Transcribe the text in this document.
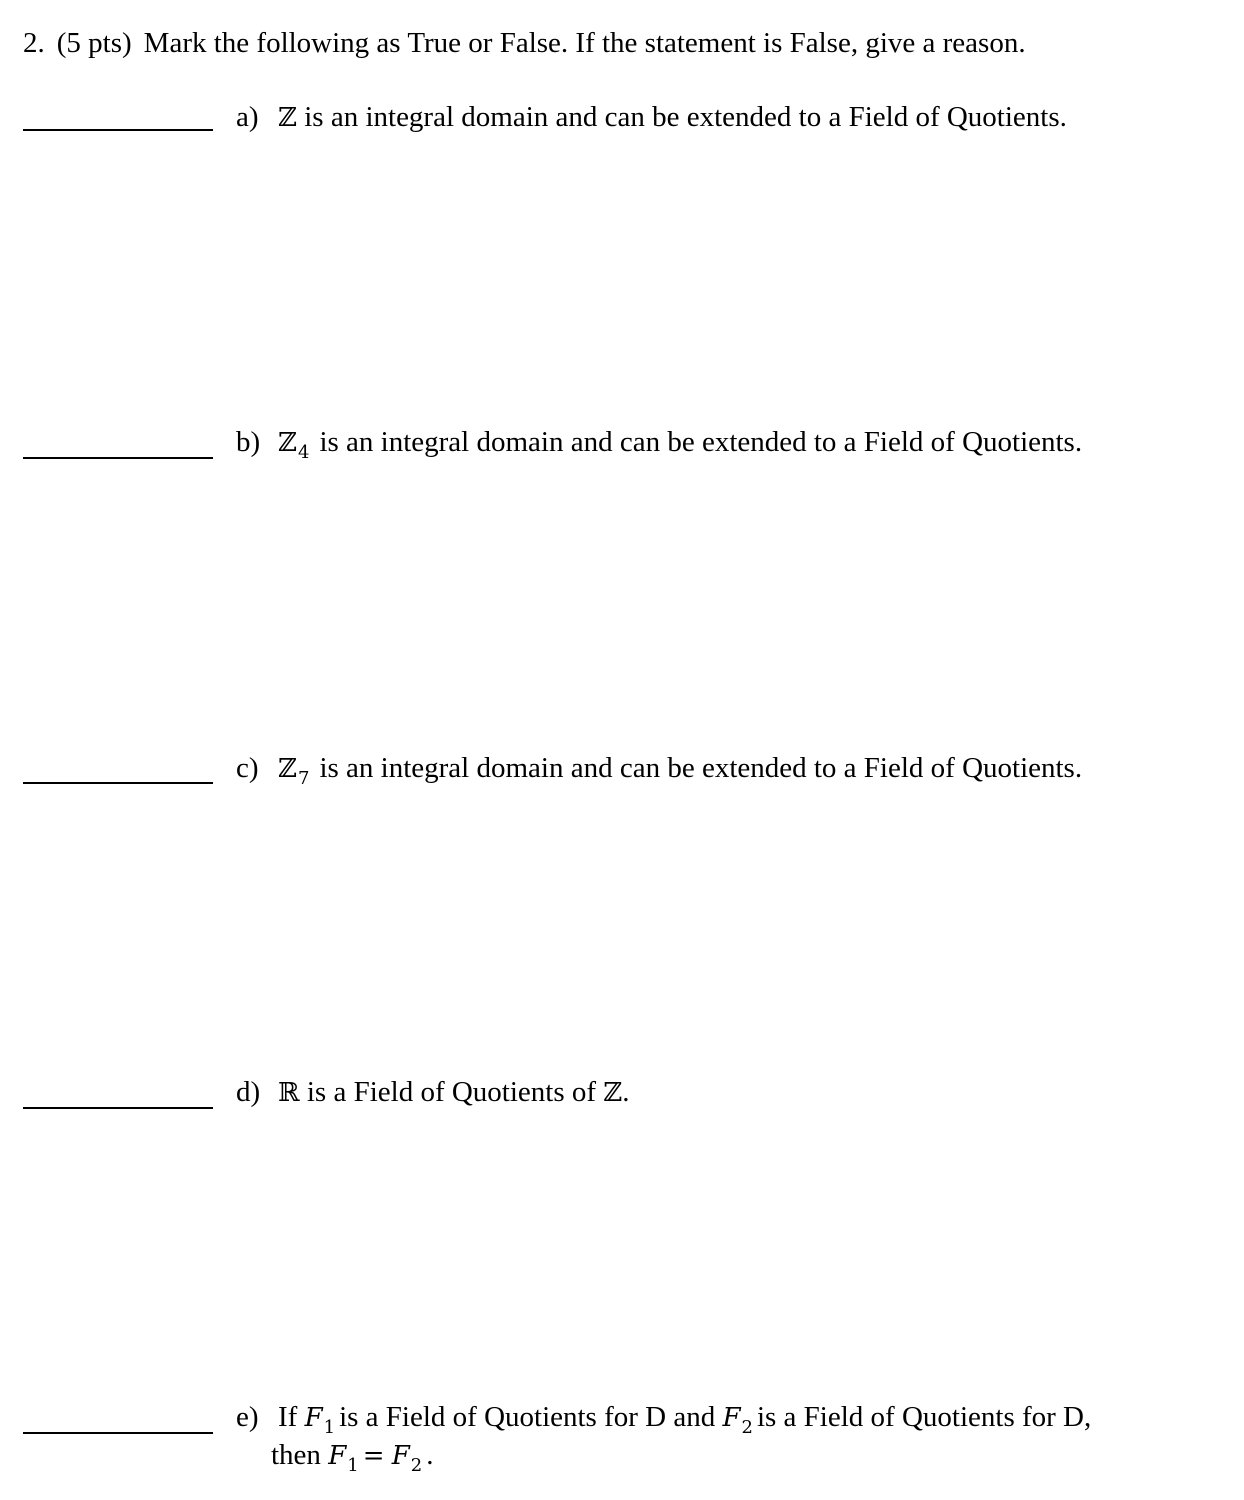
2. (5 pts) Mark the following as True or False. If the statement is False, give a reason.
a) ℤ is an integral domain and can be extended to a Field of Quotients.
b) ℤ$_4$ is an integral domain and can be extended to a Field of Quotients.
c) ℤ$_7$ is an integral domain and can be extended to a Field of Quotients.
d) ℝ is a Field of Quotients of ℤ.
e) If $F_1$ is a Field of Quotients for D and $F_2$ is a Field of Quotients for D,
then $F_1 = F_2$ .
